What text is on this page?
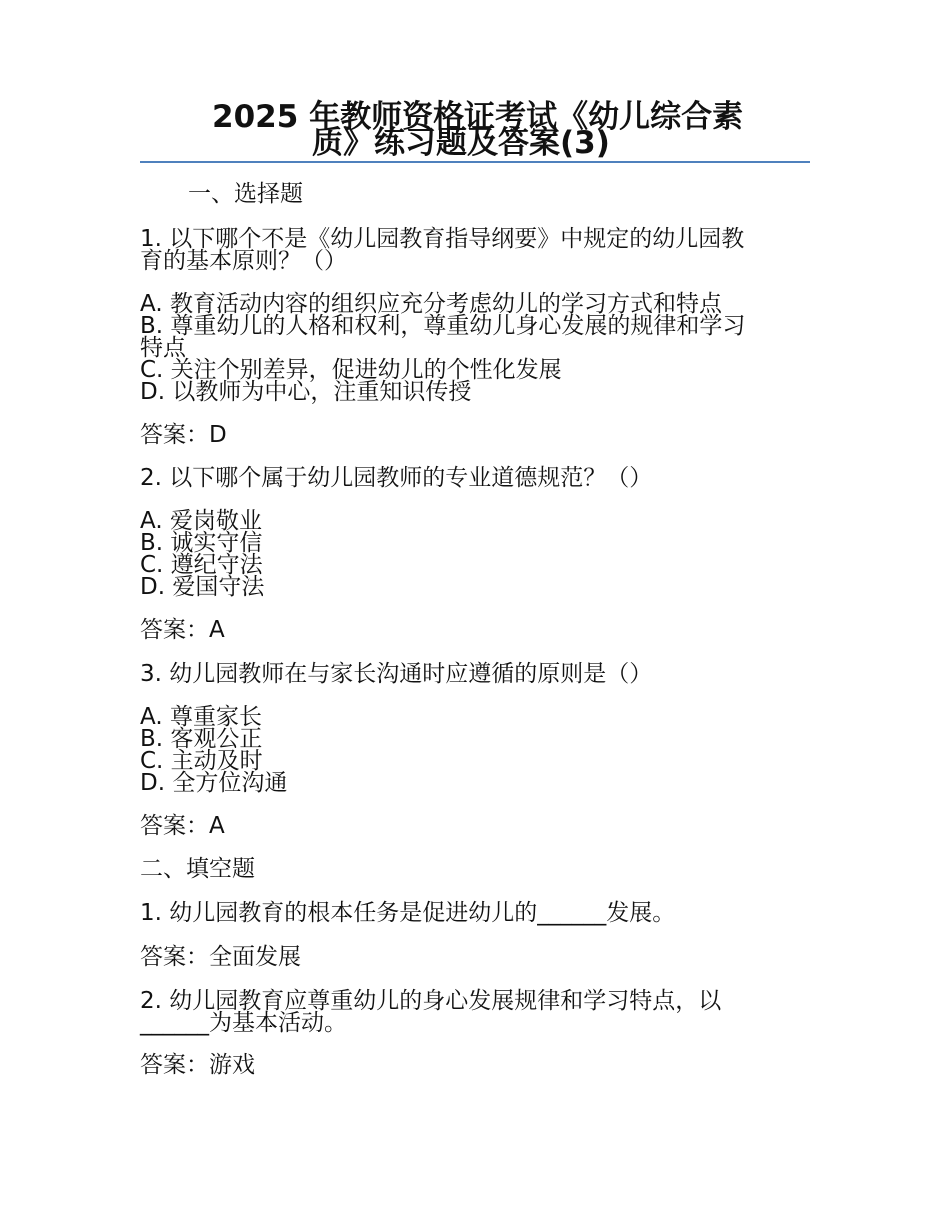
2025 年教师资格证考试《幼儿综合素
质》练习题及答案(3)
一、选择题
1. 以下哪个不是《幼儿园教育指导纲要》中规定的幼儿园教
育的基本原则？（）
A. 教育活动内容的组织应充分考虑幼儿的学习方式和特点
B. 尊重幼儿的人格和权利，尊重幼儿身心发展的规律和学习
特点
C. 关注个别差异，促进幼儿的个性化发展
D. 以教师为中心，注重知识传授
答案：D
2. 以下哪个属于幼儿园教师的专业道德规范？（）
A. 爱岗敬业
B. 诚实守信
C. 遵纪守法
D. 爱国守法
答案：A
3. 幼儿园教师在与家长沟通时应遵循的原则是（）
A. 尊重家长
B. 客观公正
C. 主动及时
D. 全方位沟通
答案：A
二、填空题
1. 幼儿园教育的根本任务是促进幼儿的______发展。
答案：全面发展
2. 幼儿园教育应尊重幼儿的身心发展规律和学习特点，以
______为基本活动。
答案：游戏
